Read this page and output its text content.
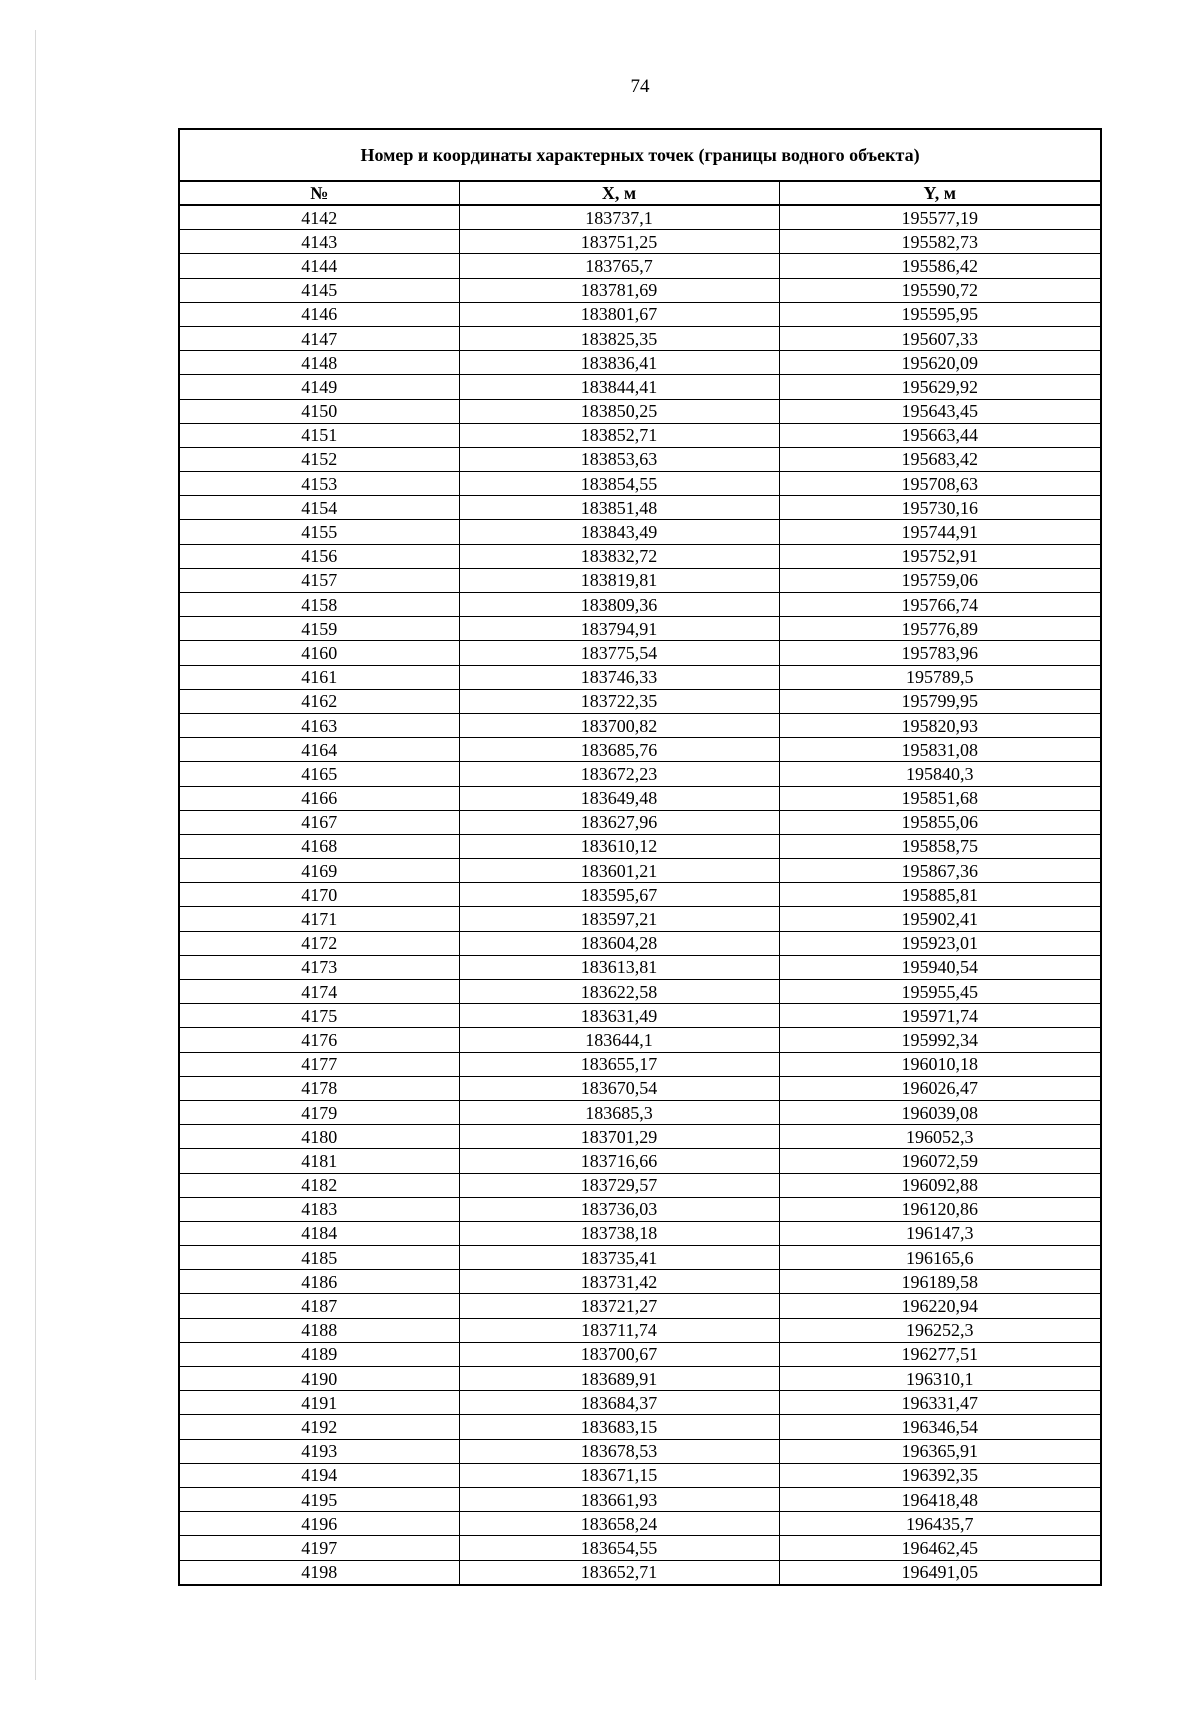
74
Номер и координаты характерных точек (границы водного объекта)		
№	X, м	Y, м
4142	183737,1	195577,19
4143	183751,25	195582,73
4144	183765,7	195586,42
4145	183781,69	195590,72
4146	183801,67	195595,95
4147	183825,35	195607,33
4148	183836,41	195620,09
4149	183844,41	195629,92
4150	183850,25	195643,45
4151	183852,71	195663,44
4152	183853,63	195683,42
4153	183854,55	195708,63
4154	183851,48	195730,16
4155	183843,49	195744,91
4156	183832,72	195752,91
4157	183819,81	195759,06
4158	183809,36	195766,74
4159	183794,91	195776,89
4160	183775,54	195783,96
4161	183746,33	195789,5
4162	183722,35	195799,95
4163	183700,82	195820,93
4164	183685,76	195831,08
4165	183672,23	195840,3
4166	183649,48	195851,68
4167	183627,96	195855,06
4168	183610,12	195858,75
4169	183601,21	195867,36
4170	183595,67	195885,81
4171	183597,21	195902,41
4172	183604,28	195923,01
4173	183613,81	195940,54
4174	183622,58	195955,45
4175	183631,49	195971,74
4176	183644,1	195992,34
4177	183655,17	196010,18
4178	183670,54	196026,47
4179	183685,3	196039,08
4180	183701,29	196052,3
4181	183716,66	196072,59
4182	183729,57	196092,88
4183	183736,03	196120,86
4184	183738,18	196147,3
4185	183735,41	196165,6
4186	183731,42	196189,58
4187	183721,27	196220,94
4188	183711,74	196252,3
4189	183700,67	196277,51
4190	183689,91	196310,1
4191	183684,37	196331,47
4192	183683,15	196346,54
4193	183678,53	196365,91
4194	183671,15	196392,35
4195	183661,93	196418,48
4196	183658,24	196435,7
4197	183654,55	196462,45
4198	183652,71	196491,05
